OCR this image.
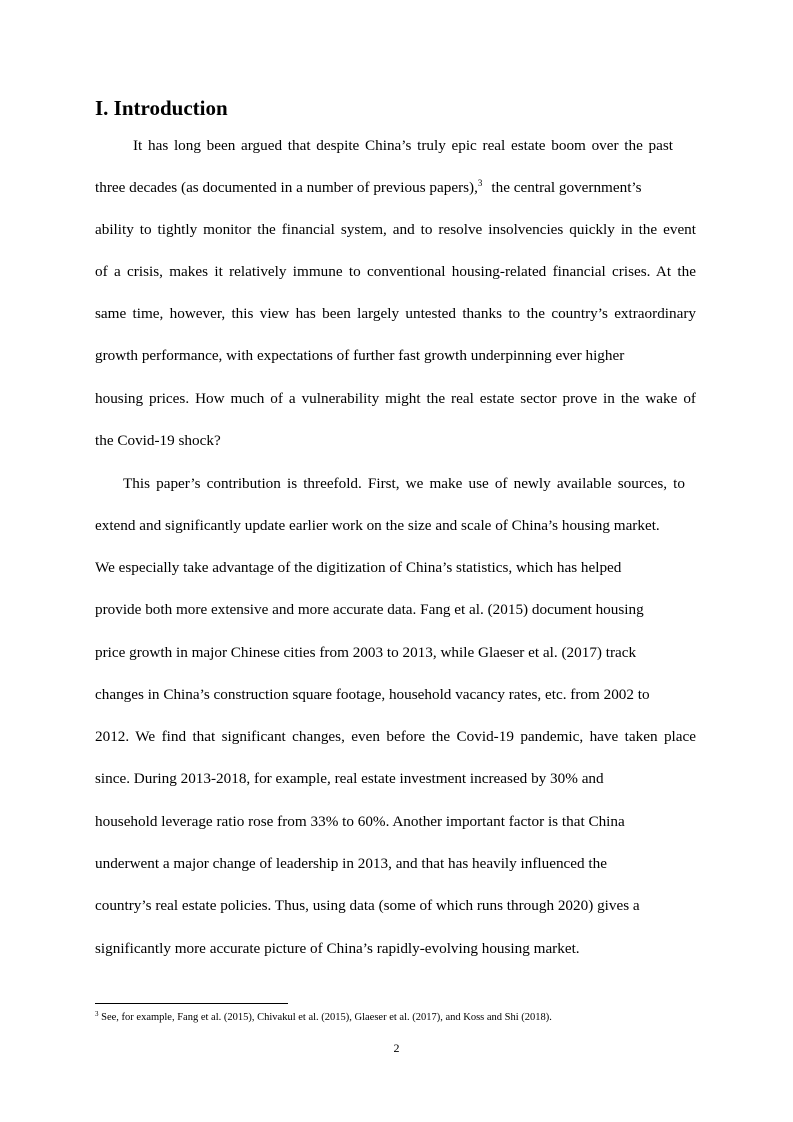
I. Introduction
It has long been argued that despite China’s truly epic real estate boom over the past
three decades (as documented in a number of previous papers),$^3$ the central government’s
ability to tightly monitor the financial system, and to resolve insolvencies quickly in the event
of a crisis, makes it relatively immune to conventional housing-related financial crises. At the
same time, however, this view has been largely untested thanks to the country’s extraordinary
growth performance, with expectations of further fast growth underpinning ever higher
housing prices. How much of a vulnerability might the real estate sector prove in the wake of
the Covid-19 shock?
This paper’s contribution is threefold. First, we make use of newly available sources, to
extend and significantly update earlier work on the size and scale of China’s housing market.
We especially take advantage of the digitization of China’s statistics, which has helped
provide both more extensive and more accurate data. Fang et al. (2015) document housing
price growth in major Chinese cities from 2003 to 2013, while Glaeser et al. (2017) track
changes in China’s construction square footage, household vacancy rates, etc. from 2002 to
2012. We find that significant changes, even before the Covid-19 pandemic, have taken place
since. During 2013-2018, for example, real estate investment increased by 30% and
household leverage ratio rose from 33% to 60%. Another important factor is that China
underwent a major change of leadership in 2013, and that has heavily influenced the
country’s real estate policies. Thus, using data (some of which runs through 2020) gives a
significantly more accurate picture of China’s rapidly-evolving housing market.
$^3$ See, for example, Fang et al. (2015), Chivakul et al. (2015), Glaeser et al. (2017), and Koss and Shi (2018).
2
